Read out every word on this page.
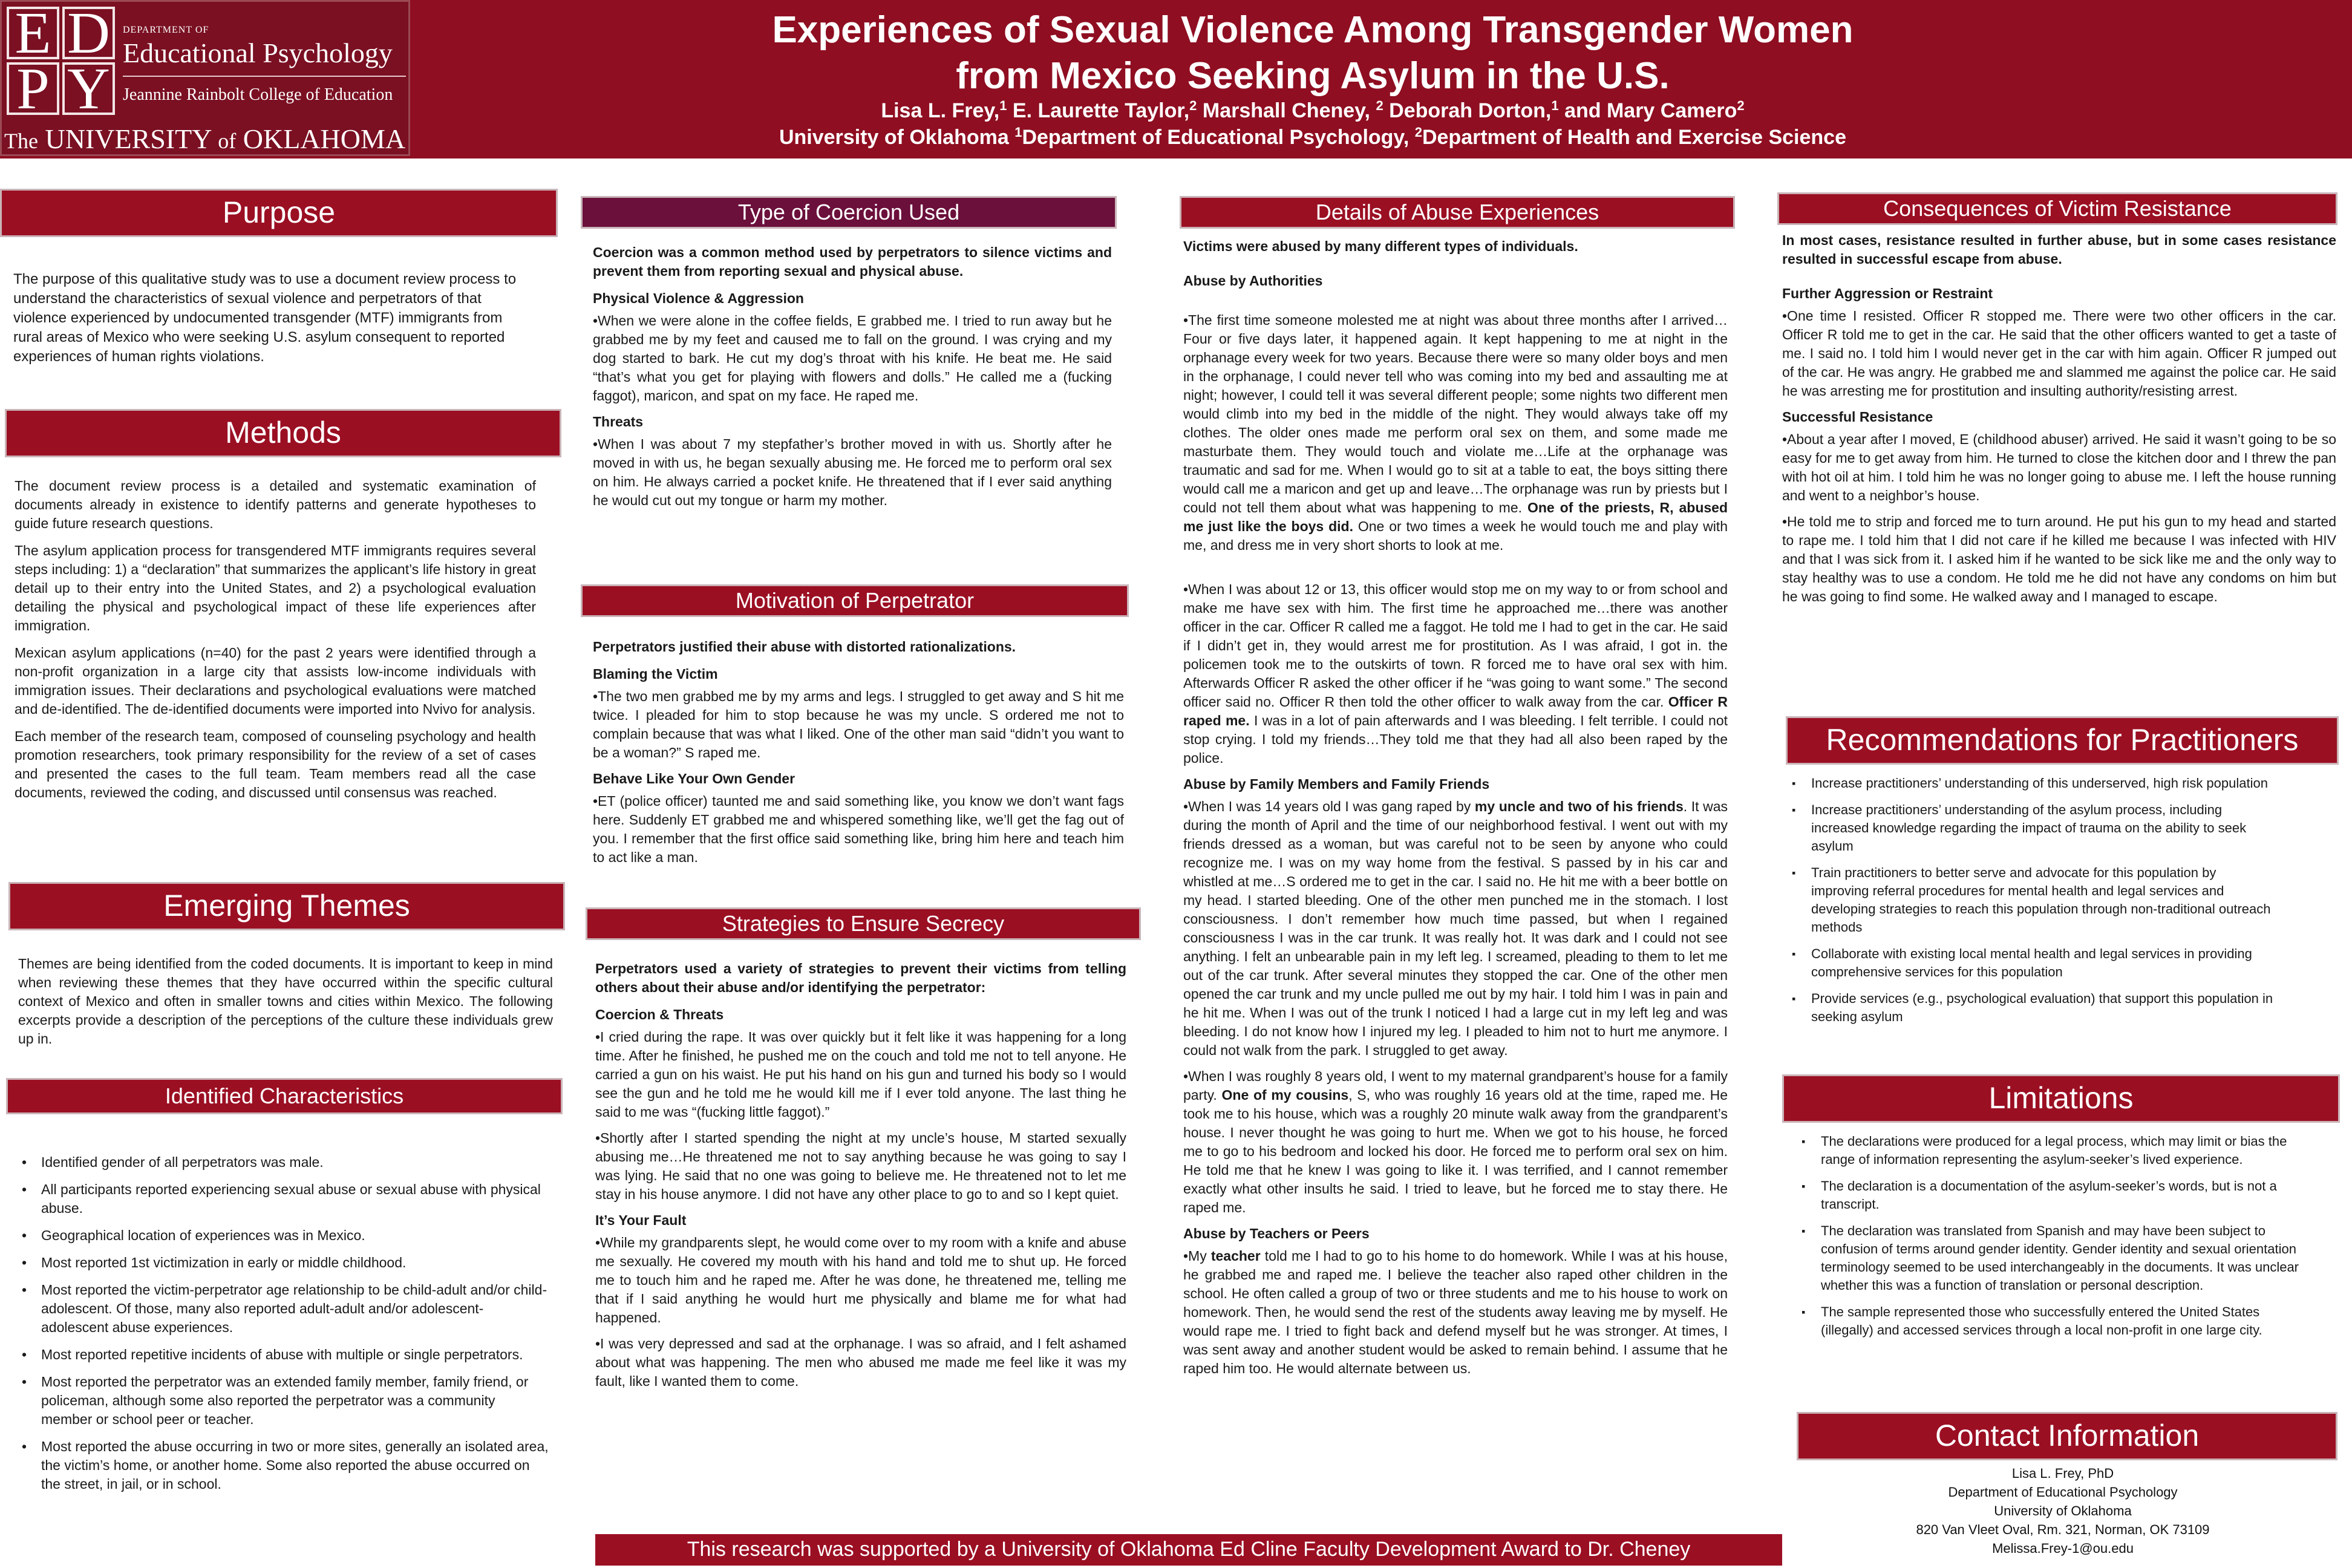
E D
P Y
DEPARTMENT OF
Educational Psychology
Jeannine Rainbolt College of Education
The UNIVERSITY of OKLAHOMA
Experiences of Sexual Violence Among Transgender Women
from Mexico Seeking Asylum in the U.S.
Lisa L. Frey,$^1$ E. Laurette Taylor,$^2$ Marshall Cheney, $^2$ Deborah Dorton,$^1$ and Mary Camero$^2$
University of Oklahoma $^1$Department of Educational Psychology, $^2$Department of Health and Exercise Science
Purpose
The purpose of this qualitative study was to use a document review process to understand the characteristics of sexual violence and perpetrators of that violence experienced by undocumented transgender (MTF) immigrants from rural areas of Mexico who were seeking U.S. asylum consequent to reported experiences of human rights violations.
Methods

The document review process is a detailed and systematic examination of documents already in existence to identify patterns and generate hypotheses to guide future research questions.

The asylum application process for transgendered MTF immigrants requires several steps including: 1) a “declaration” that summarizes the applicant’s life history in great detail up to their entry into the United States, and 2) a psychological evaluation detailing the physical and psychological impact of these life experiences after immigration.

Mexican asylum applications (n=40) for the past 2 years were identified through a non-profit organization in a large city that assists low-income individuals with immigration issues. Their declarations and psychological evaluations were matched and de-identified. The de-identified documents were imported into Nvivo for analysis.

Each member of the research team, composed of counseling psychology and health promotion researchers, took primary responsibility for the review of a set of cases and presented the cases to the full team. Team members read all the case documents, reviewed the coding, and discussed until consensus was reached.

Emerging Themes
Themes are being identified from the coded documents. It is important to keep in mind when reviewing these themes that they have occurred within the specific cultural context of Mexico and often in smaller towns and cities within Mexico. The following excerpts provide a description of the perceptions of the culture these individuals grew up in.
Identified Characteristics
• Identified gender of all perpetrators was male.
• All participants reported experiencing sexual abuse or sexual abuse with physical abuse.
• Geographical location of experiences was in Mexico.
• Most reported 1st victimization in early or middle childhood.
• Most reported the victim-perpetrator age relationship to be child-adult and/or child-adolescent. Of those, many also reported adult-adult and/or adolescent-adolescent abuse experiences.
• Most reported repetitive incidents of abuse with multiple or single perpetrators.
• Most reported the perpetrator was an extended family member, family friend, or policeman, although some also reported the perpetrator was a community member or school peer or teacher.
• Most reported the abuse occurring in two or more sites, generally an isolated area, the victim’s home, or another home. Some also reported the abuse occurred on the street, in jail, or in school.
Type of Coercion Used

Coercion was a common method used by perpetrators to silence victims and prevent them from reporting sexual and physical abuse.

Physical Violence & Aggression

•When we were alone in the coffee fields, E grabbed me. I tried to run away but he grabbed me by my feet and caused me to fall on the ground. I was crying and my dog started to bark. He cut my dog’s throat with his knife. He beat me. He said “that’s what you get for playing with flowers and dolls.” He called me a (fucking faggot), maricon, and spat on my face. He raped me.

Threats

•When I was about 7 my stepfather’s brother moved in with us. Shortly after he moved in with us, he began sexually abusing me. He forced me to perform oral sex on him. He always carried a pocket knife. He threatened that if I ever said anything he would cut out my tongue or harm my mother.

Motivation of Perpetrator

Perpetrators justified their abuse with distorted rationalizations.

Blaming the Victim

•The two men grabbed me by my arms and legs. I struggled to get away and S hit me twice. I pleaded for him to stop because he was my uncle. S ordered me not to complain because that was what I liked. One of the other man said “didn’t you want to be a woman?” S raped me.

Behave Like Your Own Gender

•ET (police officer) taunted me and said something like, you know we don’t want fags here. Suddenly ET grabbed me and whispered something like, we’ll get the fag out of you. I remember that the first office said something like, bring him here and teach him to act like a man.

Strategies to Ensure Secrecy

Perpetrators used a variety of strategies to prevent their victims from telling others about their abuse and/or identifying the perpetrator:

Coercion & Threats

•I cried during the rape. It was over quickly but it felt like it was happening for a long time. After he finished, he pushed me on the couch and told me not to tell anyone. He carried a gun on his waist. He put his hand on his gun and turned his body so I would see the gun and he told me he would kill me if I ever told anyone. The last thing he said to me was “(fucking little faggot).”

•Shortly after I started spending the night at my uncle’s house, M started sexually abusing me…He threatened me not to say anything because he was going to say I was lying. He said that no one was going to believe me. He threatened not to let me stay in his house anymore. I did not have any other place to go to and so I kept quiet.

It’s Your Fault

•While my grandparents slept, he would come over to my room with a knife and abuse me sexually. He covered my mouth with his hand and told me to shut up. He forced me to touch him and he raped me. After he was done, he threatened me, telling me that if I said anything he would hurt me physically and blame me for what had happened.

•I was very depressed and sad at the orphanage. I was so afraid, and I felt ashamed about what was happening. The men who abused me made me feel like it was my fault, like I wanted them to come.

Details of Abuse Experiences

Victims were abused by many different types of individuals.

Abuse by Authorities

•The first time someone molested me at night was about three months after I arrived…Four or five days later, it happened again. It kept happening to me at night in the orphanage every week for two years. Because there were so many older boys and men in the orphanage, I could never tell who was coming into my bed and assaulting me at night; however, I could tell it was several different people; some nights two different men would climb into my bed in the middle of the night. They would always take off my clothes. The older ones made me perform oral sex on them, and some made me masturbate them. They would touch and violate me…Life at the orphanage was traumatic and sad for me. When I would go to sit at a table to eat, the boys sitting there would call me a maricon and get up and leave…The orphanage was run by priests but I could not tell them about what was happening to me. One of the priests, R, abused me just like the boys did. One or two times a week he would touch me and play with me, and dress me in very short shorts to look at me.

•When I was about 12 or 13, this officer would stop me on my way to or from school and make me have sex with him. The first time he approached me…there was another officer in the car. Officer R called me a faggot. He told me I had to get in the car. He said if I didn’t get in, they would arrest me for prostitution. As I was afraid, I got in. the policemen took me to the outskirts of town. R forced me to have oral sex with him. Afterwards Officer R asked the other officer if he “was going to want some.” The second officer said no. Officer R then told the other officer to walk away from the car. Officer R raped me. I was in a lot of pain afterwards and I was bleeding. I felt terrible. I could not stop crying. I told my friends…They told me that they had all also been raped by the police.

Abuse by Family Members and Family Friends

•When I was 14 years old I was gang raped by my uncle and two of his friends. It was during the month of April and the time of our neighborhood festival. I went out with my friends dressed as a woman, but was careful not to be seen by anyone who could recognize me. I was on my way home from the festival. S passed by in his car and whistled at me…S ordered me to get in the car. I said no. He hit me with a beer bottle on my head. I started bleeding. One of the other men punched me in the stomach. I lost consciousness. I don’t remember how much time passed, but when I regained consciousness I was in the car trunk. It was really hot. It was dark and I could not see anything. I felt an unbearable pain in my left leg. I screamed, pleading to them to let me out of the car trunk. After several minutes they stopped the car. One of the other men opened the car trunk and my uncle pulled me out by my hair. I told him I was in pain and he hit me. When I was out of the trunk I noticed I had a large cut in my left leg and was bleeding. I do not know how I injured my leg. I pleaded to him not to hurt me anymore. I could not walk from the park. I struggled to get away.

•When I was roughly 8 years old, I went to my maternal grandparent’s house for a family party. One of my cousins, S, who was roughly 16 years old at the time, raped me. He took me to his house, which was a roughly 20 minute walk away from the grandparent’s house. I never thought he was going to hurt me. When we got to his house, he forced me to go to his bedroom and locked his door. He forced me to perform oral sex on him. He told me that he knew I was going to like it. I was terrified, and I cannot remember exactly what other insults he said. I tried to leave, but he forced me to stay there. He raped me.

Abuse by Teachers or Peers

•My teacher told me I had to go to his home to do homework. While I was at his house, he grabbed me and raped me. I believe the teacher also raped other children in the school. He often called a group of two or three students and me to his house to work on homework. Then, he would send the rest of the students away leaving me by myself. He would rape me. I tried to fight back and defend myself but he was stronger. At times, I was sent away and another student would be asked to remain behind. I assume that he raped him too. He would alternate between us.

Consequences of Victim Resistance

In most cases, resistance resulted in further abuse, but in some cases resistance resulted in successful escape from abuse.

Further Aggression or Restraint

•One time I resisted. Officer R stopped me. There were two other officers in the car. Officer R told me to get in the car. He said that the other officers wanted to get a taste of me. I said no. I told him I would never get in the car with him again. Officer R jumped out of the car. He was angry. He grabbed me and slammed me against the police car. He said he was arresting me for prostitution and insulting authority/resisting arrest.

Successful Resistance

•About a year after I moved, E (childhood abuser) arrived. He said it wasn’t going to be so easy for me to get away from him. He turned to close the kitchen door and I threw the pan with hot oil at him. I told him he was no longer going to abuse me. I left the house running and went to a neighbor’s house.

•He told me to strip and forced me to turn around. He put his gun to my head and started to rape me. I told him that I did not care if he killed me because I was infected with HIV and that I was sick from it. I asked him if he wanted to be sick like me and the only way to stay healthy was to use a condom. He told me he did not have any condoms on him but he was going to find some. He walked away and I managed to escape.

Recommendations for Practitioners
▪ Increase practitioners’ understanding of this underserved, high risk population
▪ Increase practitioners’ understanding of the asylum process, including increased knowledge regarding the impact of trauma on the ability to seek asylum
▪ Train practitioners to better serve and advocate for this population by improving referral procedures for mental health and legal services and developing strategies to reach this population through non-traditional outreach methods
▪ Collaborate with existing local mental health and legal services in providing comprehensive services for this population
▪ Provide services (e.g., psychological evaluation) that support this population in seeking asylum
Limitations
▪ The declarations were produced for a legal process, which may limit or bias the range of information representing the asylum-seeker’s lived experience.
▪ The declaration is a documentation of the asylum-seeker’s words, but is not a transcript.
▪ The declaration was translated from Spanish and may have been subject to confusion of terms around gender identity. Gender identity and sexual orientation terminology seemed to be used interchangeably in the documents. It was unclear whether this was a function of translation or personal description.
▪ The sample represented those who successfully entered the United States (illegally) and accessed services through a local non-profit in one large city.
Contact Information
Lisa L. Frey, PhD
Department of Educational Psychology
University of Oklahoma
820 Van Vleet Oval, Rm. 321, Norman, OK 73109
Melissa.Frey-1@ou.edu
This research was supported by a University of Oklahoma Ed Cline Faculty Development Award to Dr. Cheney
